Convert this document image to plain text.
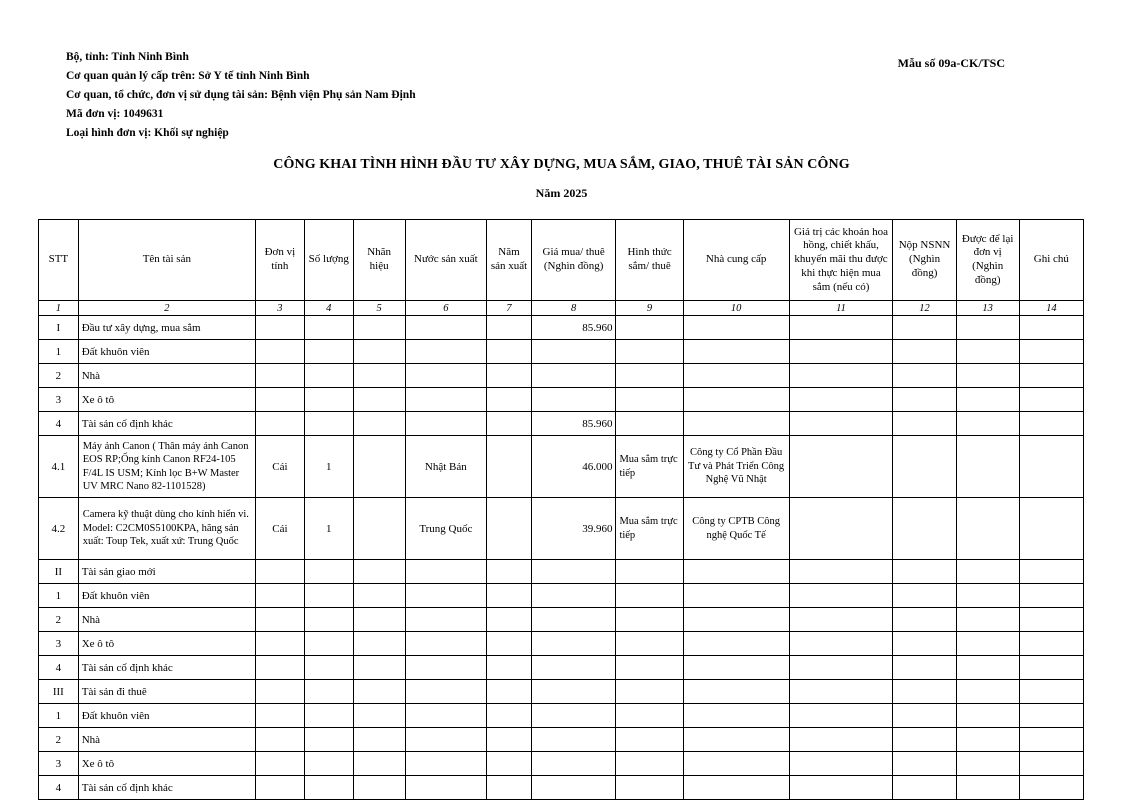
Bộ, tỉnh: Tỉnh Ninh Bình
Cơ quan quản lý cấp trên: Sở Y tế tỉnh Ninh Bình
Cơ quan, tổ chức, đơn vị sử dụng tài sản: Bệnh viện Phụ sản Nam Định
Mã đơn vị: 1049631
Loại hình đơn vị: Khối sự nghiệp
Mẫu số 09a-CK/TSC
CÔNG KHAI TÌNH HÌNH ĐẦU TƯ XÂY DỰNG, MUA SẮM, GIAO, THUÊ TÀI SẢN CÔNG
Năm 2025
STT	Tên tài sản	Đơn vị tính	Số lượng	Nhãn hiệu	Nước sản xuất	Năm sản xuất	Giá mua/ thuê (Nghìn đồng)	Hình thức sắm/ thuê	Nhà cung cấp	Giá trị các khoản hoa hồng, chiết khấu, khuyến mãi thu được khi thực hiện mua sắm (nếu có)	Nộp NSNN (Nghìn đồng)	Được để lại đơn vị (Nghìn đồng)	Ghi chú
1	2	3	4	5	6	7	8	9	10	11	12	13	14
I	Đầu tư xây dựng, mua sắm						85.960						
1	Đất khuôn viên												
2	Nhà												
3	Xe ô tô												
4	Tài sản cố định khác						85.960						
4.1	Máy ảnh Canon ( Thân máy ảnh Canon EOS RP;Ống kính Canon RF24-105 F/4L IS USM; Kính lọc B+W Master UV MRC Nano 82-1101528)	Cái	1		Nhật Bản		46.000	Mua sắm trực tiếp	Công ty Cổ Phần Đầu Tư và Phát Triển Công Nghệ Vũ Nhật				
4.2	Camera kỹ thuật dùng cho kính hiển vi. Model: C2CM0S5100KPA, hãng sản xuất: Toup Tek, xuất xứ: Trung Quốc	Cái	1		Trung Quốc		39.960	Mua sắm trực tiếp	Công ty CPTB Công nghệ Quốc Tế				
II	Tài sản giao mới												
1	Đất khuôn viên												
2	Nhà												
3	Xe ô tô												
4	Tài sản cố định khác												
III	Tài sản đi thuê												
1	Đất khuôn viên												
2	Nhà												
3	Xe ô tô												
4	Tài sản cố định khác												
